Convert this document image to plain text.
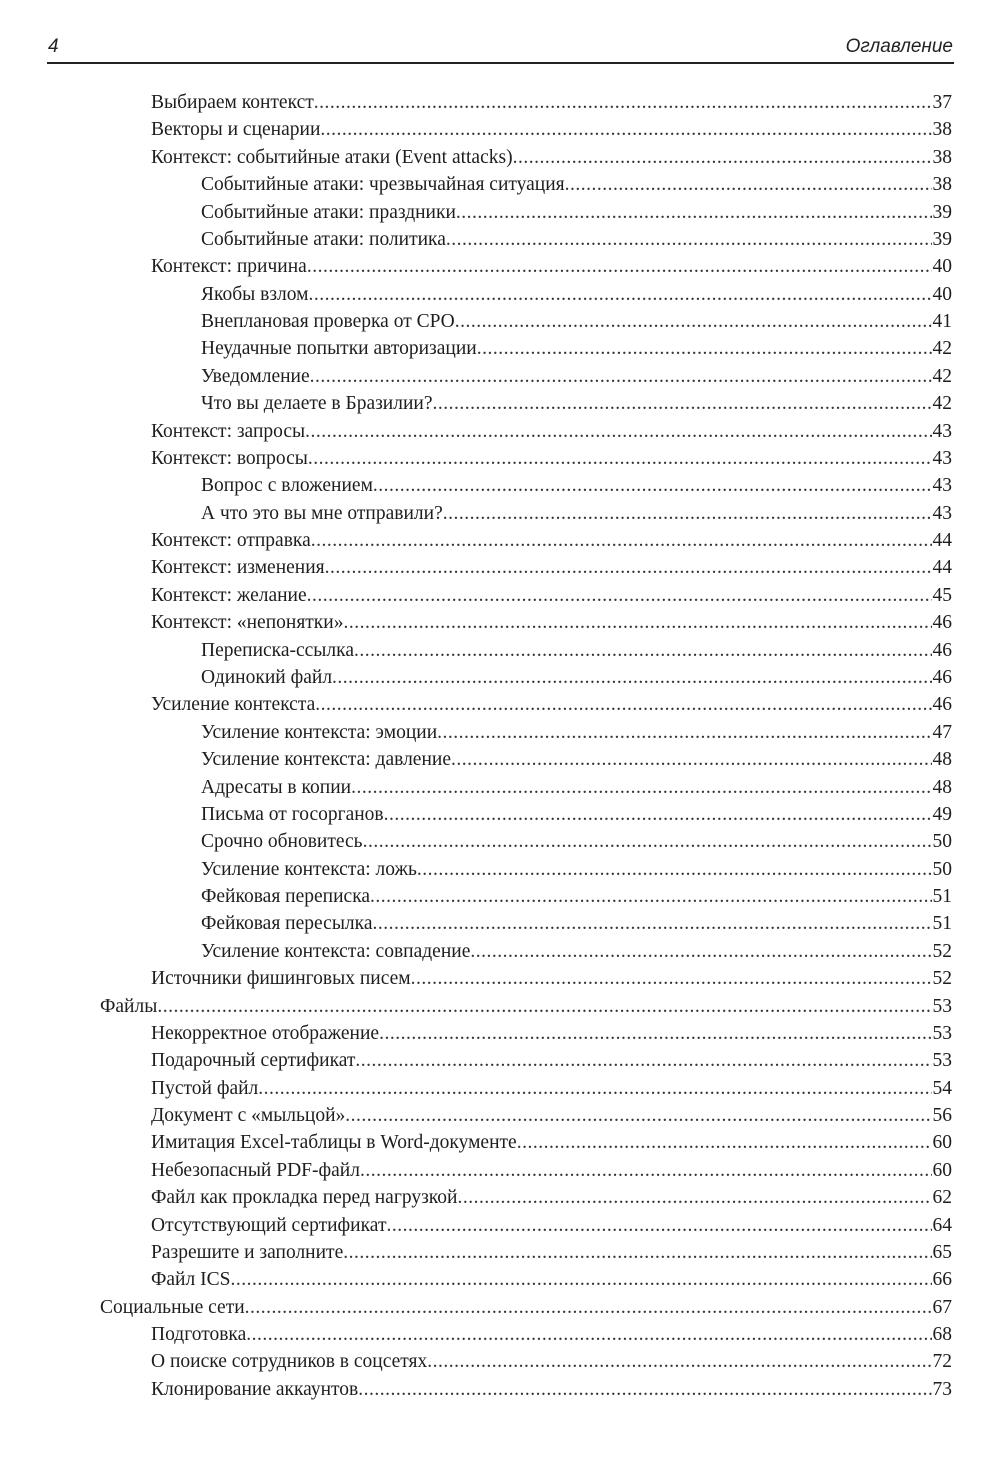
4	Оглавление
Выбираем контекст .....	37
Векторы и сценарии .....	38
Контекст: событийные атаки (Event attacks) .....	38
Событийные атаки: чрезвычайная ситуация .....	38
Событийные атаки: праздники .....	39
Событийные атаки: политика .....	39
Контекст: причина .....	40
Якобы взлом .....	40
Внеплановая проверка от СРО .....	41
Неудачные попытки авторизации .....	42
Уведомление .....	42
Что вы делаете в Бразилии? .....	42
Контекст: запросы .....	43
Контекст: вопросы .....	43
Вопрос с вложением .....	43
А что это вы мне отправили? .....	43
Контекст: отправка .....	44
Контекст: изменения .....	44
Контекст: желание .....	45
Контекст: «непонятки» .....	46
Переписка-ссылка .....	46
Одинокий файл .....	46
Усиление контекста .....	46
Усиление контекста: эмоции .....	47
Усиление контекста: давление .....	48
Адресаты в копии .....	48
Письма от госорганов .....	49
Срочно обновитесь .....	50
Усиление контекста: ложь .....	50
Фейковая переписка .....	51
Фейковая пересылка .....	51
Усиление контекста: совпадение .....	52
Источники фишинговых писем .....	52
Файлы .....	53
Некорректное отображение .....	53
Подарочный сертификат .....	53
Пустой файл .....	54
Документ с «мыльцой» .....	56
Имитация Excel-таблицы в Word-документе .....	60
Небезопасный PDF-файл .....	60
Файл как прокладка перед нагрузкой .....	62
Отсутствующий сертификат .....	64
Разрешите и заполните .....	65
Файл ICS .....	66
Социальные сети .....	67
Подготовка .....	68
О поиске сотрудников в соцсетях .....	72
Клонирование аккаунтов .....	73
